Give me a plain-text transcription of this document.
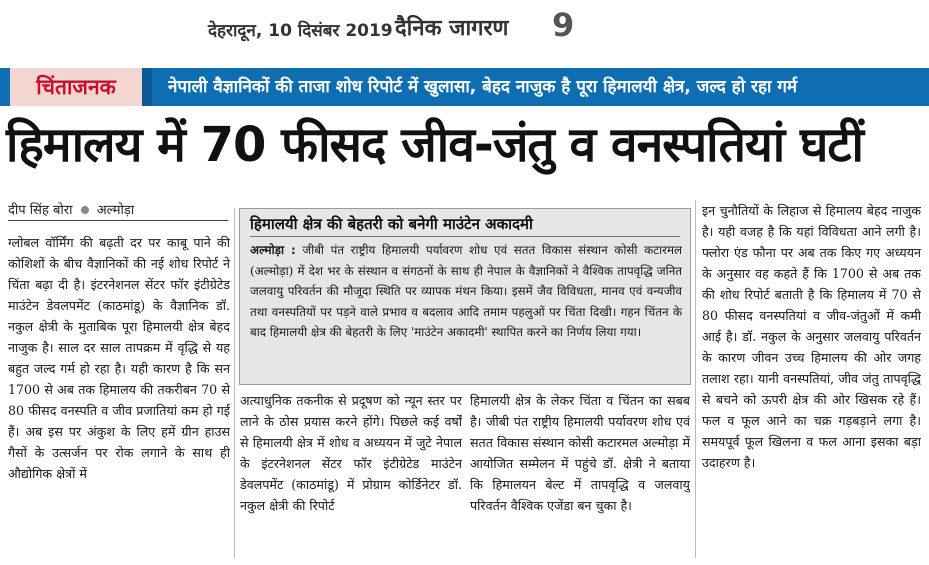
देहरादून, 10 दिसंबर 2019 दैनिक जागरण 9
चिंताजनक	नेपाली वैज्ञानिकों की ताजा शोध रिपोर्ट में खुलासा, बेहद नाजुक है पूरा हिमालयी क्षेत्र, जल्द हो रहा गर्म
हिमालय में 70 फीसद जीव-जंतु व वनस्पतियां घटीं
दीप सिंह बोरा अल्मोड़ा

ग्लोबल वॉर्मिंग की बढ़ती दर पर काबू पाने की कोशिशों के बीच वैज्ञानिकों की नई शोध रिपोर्ट ने चिंता बढ़ा दी है। इंटरनेशनल सेंटर फॉर इंटीग्रेटेड माउंटेन डेवलपमेंट (काठमांडू) के वैज्ञानिक डॉ. नकुल क्षेत्री के मुताबिक पूरा हिमालयी क्षेत्र बेहद नाजुक है। साल दर साल तापक्रम में वृद्धि से यह बहुत जल्द गर्म हो रहा है। यही कारण है कि सन 1700 से अब तक हिमालय की तकरीबन 70 से 80 फीसद वनस्पति व जीव प्रजातियां कम हो गई हैं। अब इस पर अंकुश के लिए हमें ग्रीन हाउस गैसों के उत्सर्जन पर रोक लगाने के साथ ही औद्योगिक क्षेत्रों में

हिमालयी क्षेत्र की बेहतरी को बनेगी माउंटेन अकादमी
अल्मोड़ा : जीबी पंत राष्ट्रीय हिमालयी पर्यावरण शोध एवं सतत विकास संस्थान कोसी कटारमल (अल्मोड़ा) में देश भर के संस्थान व संगठनों के साथ ही नेपाल के वैज्ञानिकों ने वैश्विक तापवृद्धि जनित जलवायु परिवर्तन की मौजूदा स्थिति पर व्यापक मंथन किया। इसमें जैव विविधता, मानव एवं वन्यजीव तथा वनस्पतियों पर पड़ने वाले प्रभाव व बदलाव आदि तमाम पहलुओं पर चिंता दिखी। गहन चिंतन के बाद हिमालयी क्षेत्र की बेहतरी के लिए 'माउंटेन अकादमी' स्थापित करने का निर्णय लिया गया।

अत्याधुनिक तकनीक से प्रदूषण को न्यून स्तर पर लाने के ठोस प्रयास करने होंगे। पिछले कई वर्षों से हिमालयी क्षेत्र में शोध व अध्ययन में जुटे नेपाल के इंटरनेशनल सेंटर फॉर इंटीग्रेटेड माउंटेन डेवलपमेंट (काठमांडू) में प्रोग्राम कोर्डिनेटर डॉ. नकुल क्षेत्री की रिपोर्ट

हिमालयी क्षेत्र के लेकर चिंता व चिंतन का सबब है। जीबी पंत राष्ट्रीय हिमालयी पर्यावरण शोध एवं सतत विकास संस्थान कोसी कटारमल अल्मोड़ा में आयोजित सम्मेलन में पहुंचे डॉ. क्षेत्री ने बताया कि हिमालयन बेल्ट में तापवृद्धि व जलवायु परिवर्तन वैश्विक एजेंडा बन चुका है।

इन चुनौतियों के लिहाज से हिमालय बेहद नाजुक है। यही वजह है कि यहां विविधता आने लगी है। फ्लोरा एंड फौना पर अब तक किए गए अध्ययन के अनुसार वह कहते हैं कि 1700 से अब तक की शोध रिपोर्ट बताती है कि हिमालय में 70 से 80 फीसद वनस्पतियां व जीव-जंतुओं में कमी आई है। डॉ. नकुल के अनुसार जलवायु परिवर्तन के कारण जीवन उच्च हिमालय की ओर जगह तलाश रहा। यानी वनस्पतियां, जीव जंतु तापवृद्धि से बचने को ऊपरी क्षेत्र की ओर खिसक रहे हैं। फल व फूल आने का चक्र गड़बड़ाने लगा है। समयपूर्व फूल खिलना व फल आना इसका बड़ा उदाहरण है।
